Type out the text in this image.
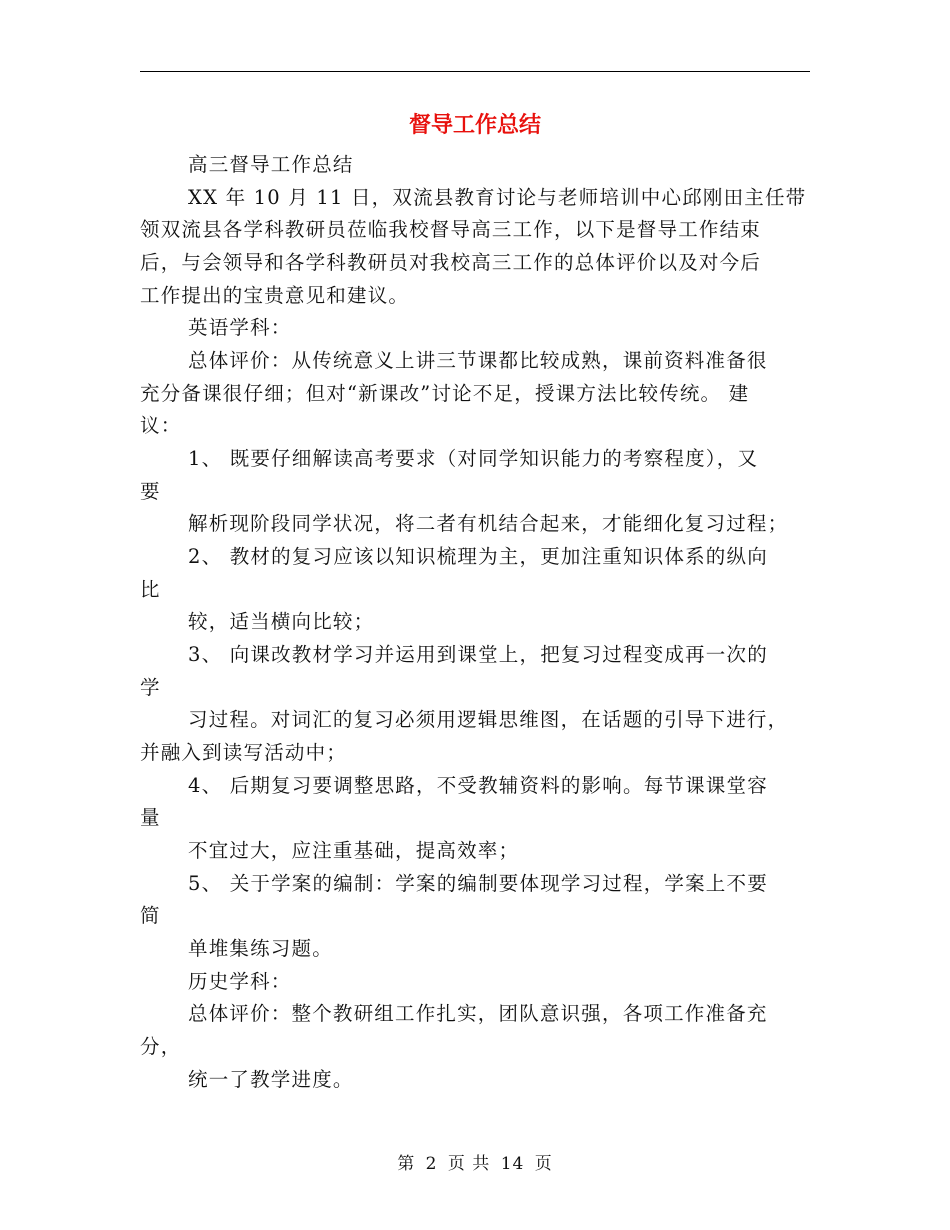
督导工作总结
高三督导工作总结
XX 年 10 月 11 日，双流县教育讨论与老师培训中心邱刚田主任带
领双流县各学科教研员莅临我校督导高三工作，以下是督导工作结束
后，与会领导和各学科教研员对我校高三工作的总体评价以及对今后
工作提出的宝贵意见和建议。
英语学科：
总体评价：从传统意义上讲三节课都比较成熟，课前资料准备很
充分备课很仔细；但对“新课改”讨论不足，授课方法比较传统。 建
议：
1、 既要仔细解读高考要求（对同学知识能力的考察程度），又
要
解析现阶段同学状况，将二者有机结合起来，才能细化复习过程；
2、 教材的复习应该以知识梳理为主，更加注重知识体系的纵向
比
较，适当横向比较；
3、 向课改教材学习并运用到课堂上，把复习过程变成再一次的
学
习过程。对词汇的复习必须用逻辑思维图，在话题的引导下进行，
并融入到读写活动中；
4、 后期复习要调整思路，不受教辅资料的影响。每节课课堂容
量
不宜过大，应注重基础，提高效率；
5、 关于学案的编制：学案的编制要体现学习过程，学案上不要
简
单堆集练习题。
历史学科：
总体评价：整个教研组工作扎实，团队意识强，各项工作准备充
分，
统一了教学进度。
第 2 页 共 14 页
